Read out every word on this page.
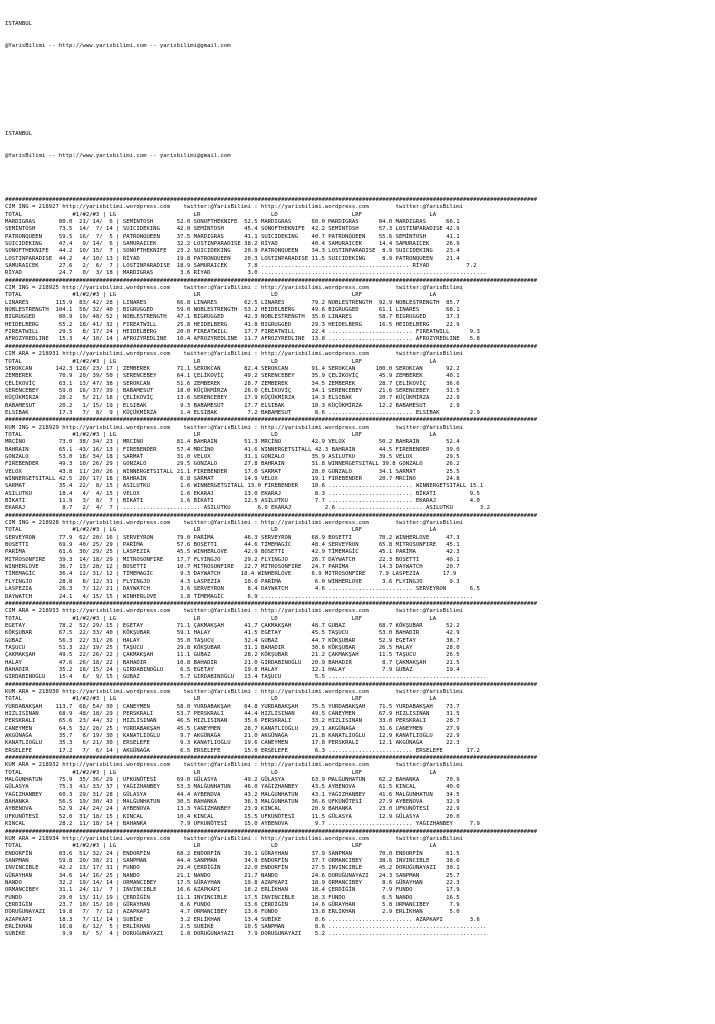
ISTANBUL

@YarisBilimi -- http://www.yarisbilimi.com -- yarisbilimi@gmail.com

ISTANBUL

@YarisBilimi -- http://www.yarisbilimi.com -- yarisbilimi@gmail.com

##############################################################################################################################################################
CIM ING = 218927 http://yarisbilimi.wordpress.com    twitter:@YarisBilimi : http://yarisbilimi.wordpress.com        twitter:@YarisBilimi
TOTAL               #1/#2/#3 | LG                       LR                     LD                      LRF                    LA
MARDIGRAS       80.0  21/ 14/  6 | SEMİNTOSH       52.0 SONOFTHEKNIFE  52.5 MARDIGRAS      60.0 MARDIGRAS      84.0 MARDIGRAS      66.1
SEMİNTOSH       73.5  14/  7/ 14 | SUICIDEKING     42.0 SEMİNTOSH      45.4 SONOFTHEKNIFE  42.2 SEMİNTOSH      57.3 LOSTINPARADISE 42.9
PATRONQUEEN     59.5  16/  7/  5 | PATRONQUEEN     37.5 MARDIGRAS      41.1 SUICIDEKING    40.7 PATRONQUEEN    55.6 SEMİNTOSH      41.1
SUICIDEKING     47.4   9/ 14/  6 | SAMURAICEK      32.2 LOSTINPARADISE 38.2 RİYAD          40.4 SAMURAICEK     14.4 SAMURAICEK     26.9
SONOFTHEKNIFE   44.2  10/ 15/  7 | SONOFTHEKNIFE   23.2 SUICIDEKING    20.9 PATRONQUEEN    34.3 LOSTINPARADISE  8.9 SUICIDEKING    23.4
LOSTINPARADISE  44.2   4/ 10/ 13 | RİYAD           19.8 PATRONQUEEN    20.3 LOSTINPARADISE 11.5 SUICIDEKING     8.9 PATRONQUEEN    21.4
SAMURAICEK      27.6   2/  6/  7 | LOSTINPARADISE  18.9 SAMURAICEK      7.8 ............................................ RİYAD           7.2
RİYAD           24.7   0/  3/ 18 | MARDIGRAS        3.6 RİYAD           3.0 ...................................................................
##############################################################################################################################################################
CIM ING = 218925 http://yarisbilimi.wordpress.com    twitter:@YarisBilimi : http://yarisbilimi.wordpress.com        twitter:@YarisBilimi
TOTAL               #1/#2/#3 | LG                       LR                     LD                      LRF                    LA
LINARES        115.9  83/ 42/ 28 | LINARES         66.8 LINARES        62.5 LINARES        79.2 NOBLESTRENGTH  92.9 NOBLESTRENGTH  85.7
NOBLESTRENGTH  104.1  58/ 32/ 40 | BIGRUGGED       59.0 NOBLESTRENGTH  53.2 HEIDELBERG     49.6 BIGRUGGED      61.1 LINARES        68.1
BIGRUGGED       80.9  19/ 48/ 52 | NOBLESTRENGTH   47.1 BIGRUGGED      42.3 NOBLESTRENGTH  35.0 LINARES        58.7 BIGRUGGED      37.3
HEIDELBERG      55.2  18/ 41/ 32 | FIREATWILL      25.8 HEIDELBERG     41.8 BIGRUGGED      29.3 HEIDELBERG     16.5 HEIDELBERG     22.9
FIREATWILL      29.5   8/ 17/ 24 | HEIDELBERG      20.0 FIREATWILL     17.7 FIREATWILL     22.4 ......................... FIREATWILL      9.3
AFROZYREDLINE   15.3   4/ 10/ 14 | AFROZYREDLINE   10.4 AFROZYREDLINE  11.7 AFROZYREDLINE  13.8 ......................... AFROZYREDLINE   5.8
##############################################################################################################################################################
CIM ARA = 218931 http://yarisbilimi.wordpress.com    twitter:@YarisBilimi : http://yarisbilimi.wordpress.com        twitter:@YarisBilimi
TOTAL               #1/#2/#3 | LG                       LR                     LD                      LRF                    LA
SEROKCAN       142.3 128/ 23/ 17 | ZEMBEREK        71.1 SEROKCAN       82.4 SEROKCAN       91.4 SEROKCAN      100.0 SEROKCAN       92.2
ZEMBEREK        70.9  20/ 39/ 50 | SERENCEBEY      64.1 ÇELİKOVİÇ      49.2 SERENCEBEY     35.9 ÇELİKOVİÇ      45.9 ZEMBEREK       40.1
ÇELİKOVİÇ       63.1  13/ 47/ 38 | SEROKCAN        51.6 ZEMBEREK       28.7 ZEMBEREK       34.5 ZEMBEREK       28.7 ÇELİKOVİÇ      36.6
SERENCEBEY      59.0  16/ 37/ 39 | BABAMESUT       18.0 KÜÇÜKMİRZA     26.0 ÇELİKOVİÇ      34.1 SERENCEBEY     21.6 SERENCEBEY     31.5
KÜÇÜKMİRZA      28.2   5/ 21/ 18 | ÇELİKOVİÇ       13.6 SERENCEBEY     17.9 KÜÇÜKMİRZA     14.3 ELSIBAK        20.7 KÜÇÜKMİRZA     22.9
BABAMESUT       20.2   1/ 15/ 19 | ELSIBAK          9.3 BABAMESUT      17.7 ELSIBAK        10.3 KÜÇÜKMİRZA     12.2 BABAMESUT       2.9
ELSIBAK         17.3   7/  8/  9 | KÜÇÜKMİRZA       1.4 ELSIBAK         7.2 BABAMESUT       8.6 ......................... ELSIBAK         2.9
##############################################################################################################################################################
KUM ING = 218929 http://yarisbilimi.wordpress.com    twitter:@YarisBilimi : http://yarisbilimi.wordpress.com        twitter:@YarisBilimi
TOTAL               #1/#2/#3 | LG                       LR                     LD                      LRF                    LA
MRCİNO          73.0  38/ 34/ 23 | MRCİNO          81.4 BAHRAIN        51.3 MRCİNO         42.9 VELOX          50.2 BAHRAIN        52.4
BAHRAIN         65.1  43/ 16/ 13 | FIREBENDER      57.4 MRCİNO         41.6 WINNERGETSITALL 42.3 BAHRAIN       44.5 FIREBENDER     39.0
GONZALO         53.0  18/ 34/ 18 | SARMAT          31.0 VELOX          31.1 GONZALO        35.9 ASILUTKU       39.5 VELOX          29.5
FIREBENDER      49.3  10/ 26/ 29 | GONZALO         29.5 GONZALO        27.8 BAHRAIN        31.8 WINNERGETSITALL 39.8 GONZALO       26.2
VELOX           43.8  11/ 20/ 26 | WINNERGETSITALL 21.1 FIREBENDER     17.0 SARMAT         28.0 GONZALO        34.1 SARMAT         25.5
WINNERGETSITALL 42.5  20/ 17/ 18 | BAHRAIN          6.8 SARMAT         14.9 VELOX          19.1 FIREBENDER     20.7 MRCİNO         24.8
SARMAT          35.4  22/  8/ 15 | ASILUTKU         1.6 WINNERGETSITALL 13.0 FIREBENDER    10.6 ......................... WINNERGETSITALL 15.1
ASILUTKU        18.4   4/  4/ 15 | VELOX            1.6 EKARAJ         13.0 EKARAJ          8.3 ......................... BİKATI          9.5
BİKATI          11.9   3/  8/  7 | BİKATI           1.6 BİKATI         12.5 ASILUTKU        7.7 ......................... EKARAJ          4.0
EKARAJ           8.7   2/  4/  7 | ....................... ASILUTKU        6.9 EKARAJ          2.6 ......................... ASILUTKU        3.2
##############################################################################################################################################################
CIM ING = 218928 http://yarisbilimi.wordpress.com    twitter:@YarisBilimi : http://yarisbilimi.wordpress.com        twitter:@YarisBilimi
TOTAL               #1/#2/#3 | LG                       LR                     LD                      LRF                    LA
SERVEYRON       77.9  62/ 20/ 16 | SERVEYRON       79.0 PARİMA         46.3 SERVEYRON      68.9 BOSETTI        70.2 WINHERLOVE     47.3
BOSETTI         69.9  40/ 25/ 29 | PARİMA          57.6 BOSETTI        44.6 TİMEMAGİC      48.4 SERVEYRON      65.8 MITROSONFIRE   45.1
PARİMA          61.6  30/ 29/ 25 | LASPEZIA        45.5 WINHERLOVE     42.9 BOSETTI        42.9 TİMEMAGİC      45.1 PARİMA         42.3
MITROSONFIRE    39.3  14/ 18/ 29 | MITROSONFIRE    17.7 FLYINGJO       29.2 FLYINGJO       26.7 DAYWATCH       22.3 BOSETTI        40.1
WINHERLOVE      36.7  13/ 28/ 12 | BOSETTI         10.7 MITROSONFIRE   22.7 MITROSONFIRE   24.7 PARİMA         14.3 DAYWATCH       20.7
TİMEMAGİC       36.4  12/ 31/ 12 | TİMEMAGİC        9.3 DAYWATCH      18.4 WINHERLOVE      6.9 MITROSONFIRE    7.9 LASPEZIA       17.9
FLYINGJO        28.8   8/ 12/ 31 | FLYINGJO         4.3 LASPEZIA       10.0 PARİMA          6.0 WINHERLOVE      3.6 FLYINGJO        9.3
LASPEZIA        26.3   7/ 12/ 21 | DAYWATCH         3.6 SERVEYRON       8.4 DAYWATCH        4.6 ......................... SERVEYRON       6.5
DAYWATCH        24.1   4/ 15/ 15 | WINHERLOVE       1.8 TİMEMAGİC       6.9 ...............................................................
##############################################################################################################################################################
CIM ARA = 218933 http://yarisbilimi.wordpress.com    twitter:@YarisBilimi : http://yarisbilimi.wordpress.com        twitter:@YarisBilimi
TOTAL               #1/#2/#3 | LG                       LR                     LD                      LRF                    LA
EGETAY          78.2  52/ 29/ 15 | EGETAY          71.1 ÇAKMAKŞAH      41.7 ÇAKMAKŞAH      48.7 GUBAZ          68.7 KÖKŞUBAR       52.2
KÖKŞUBAR        67.5  22/ 33/ 40 | KÖKŞUBAR        59.1 HALAY          41.5 EGETAY         45.5 TAŞUCU         53.0 BAHADIR        42.9
GUBAZ           56.3  22/ 31/ 26 | HALAY           35.0 TAŞUCU         32.4 GUBAZ          44.7 KÖKŞUBAR       52.9 EGETAY         38.7
TAŞUCU          51.3  22/ 19/ 25 | TAŞUCU          29.8 KÖKŞUBAR       31.1 BAHADIR        30.6 KÖKŞUBAR       26.5 HALAY          28.0
ÇAKMAKŞAH       49.5  22/ 26/ 22 | ÇAKMAKŞAH       11.1 GUBAZ          28.2 KÖKŞUBAR       21.2 ÇAKMAKŞAH      11.5 TAŞUCU         26.5
HALAY           47.6  26/ 18/ 22 | BAHADIR         10.8 BAHADIR        21.0 GIRDABINOĞLU   20.9 BAHADIR         8.7 ÇAKMAKŞAH      21.5
BAHADIR         35.2  18/ 15/ 24 | GIRDABINOĞLU     6.5 EGETAY         19.8 HALAY          12.1 HALAY           7.9 GUBAZ          19.4
GIRDABINOĞLU    15.4   6/  9/ 15 | GUBAZ            5.7 GIRDABINOĞLU   13.4 TAŞUCU          5.5 ...............................................
##############################################################################################################################################################
KUM ARA = 218930 http://yarisbilimi.wordpress.com    twitter:@YarisBilimi : http://yarisbilimi.wordpress.com        twitter:@YarisBilimi
TOTAL               #1/#2/#3 | LG                       LR                     LD                      LRF                    LA
YURDABAKŞAH    113.7  68/ 54/ 30 | CANEYMEN        58.0 YURDABAKŞAH    64.8 YURDABAKŞAH    75.5 YURDABAKŞAH    71.5 YURDABAKŞAH    73.7
HIZLISINAN      68.9  48/ 18/ 29 | PERSKRALI       53.7 PERSKRALI      44.4 HIZLISINAN     49.5 CANEYMEN       67.9 HIZLISINAN     31.5
PERSKRALI       65.6  23/ 44/ 32 | HIZLISINAN      46.5 HIZLISINAN     35.6 PERSKRALI      33.2 HIZLISINAN     33.0 PERSKRALI      28.7
CANEYMEN        64.5  32/ 28/ 25 | YURDABAKŞAH     45.5 CANEYMEN       28.7 KANATLIOĞLU    29.1 AKGÜNAĞA       31.6 CANEYMEN       27.9
AKGÜNAĞA        35.7   6/ 19/ 30 | KANATLIOĞLU      9.7 AKGÜNAĞA       21.0 AKGÜNAĞA       21.8 KANATLIOĞLU    12.9 KANATLIOĞLU    22.9
KANATLIOĞLU     35.3   6/ 21/ 30 | ERSELEFE         9.3 KANATLIOĞLU    19.6 CANEYMEN       17.8 PERSKRALI      12.1 AKGÜNAĞA       22.3
ERSELEFE        17.2   7/  6/ 14 | AKGÜNAĞA         6.5 ERSELEFE       15.0 ERSELEFE        6.3 ......................... ERSELEFE       17.2
##############################################################################################################################################################
KUM ARA = 218932 http://yarisbilimi.wordpress.com    twitter:@YarisBilimi : http://yarisbilimi.wordpress.com        twitter:@YarisBilimi
TOTAL               #1/#2/#3 | LG                       LR                     LD                      LRF                    LA
MALĞUNHATUN     75.9  35/ 36/ 29 | UFKUNÖTESİ      69.0 GÜLASYA        49.2 GÜLASYA        63.9 MALĞUNHATUN    62.2 BAHANKA        70.9
GÜLASYA         75.3  41/ 33/ 37 | YAĞIZHANBEY     53.3 MALĞUNHATUN    46.0 YAĞIZHANBEY    43.5 AYBENOVA       61.5 KINCAL         40.0
YAĞIZHANBEY     60.3  29/ 31/ 28 | GÜLASYA         44.4 AYBENOVA       43.2 MALĞUNHATUN    43.1 YAĞIZHANBEY    41.6 MALĞUNHATUN    34.5
BAHANKA         56.5  19/ 30/ 43 | MALĞUNHATUN     30.5 BAHANKA        36.3 MALĞUNHATUN    36.6 UFKUNÖTESİ     27.9 AYBENOVA       32.9
AYBENOVA        52.9  24/ 24/ 24 | AYBENOVA        13.3 YAĞIZHANBEY    23.9 KINCAL         20.9 BAHANKA        23.0 UFKUNÖTESİ     22.9
UFKUNÖTESİ      52.0  31/ 18/ 15 | KINCAL          10.4 KINCAL         15.5 UFKUNÖTESİ     11.5 GÜLASYA        12.9 GÜLASYA        20.0
KINCAL          28.2  11/ 18/ 14 | BAHANKA          7.9 UFKUNÖTESİ     15.0 AYBENOVA        9.7 ......................... YAĞIZHANBEY     7.9
##############################################################################################################################################################
KUM ARA = 218934 http://yarisbilimi.wordpress.com    twitter:@YarisBilimi : http://yarisbilimi.wordpress.com        twitter:@YarisBilimi
TOTAL               #1/#2/#3 | LG                       LR                     LD                      LRF                    LA
ENDORFİN        83.6  51/ 32/ 24 | ENDORFİN        68.2 ENDORFİN       39.1 GÜRAYHAN       37.9 SANPMAN        70.0 ENDORFİN       61.5
SANPMAN         59.8  20/ 38/ 21 | SANPMAN         44.4 SANPMAN        34.9 ENDORFİN       37.7 ORMANCIBEY     38.6 INVINCIBLE     38.6
INVINCIBLE      42.2  13/ 17/ 31 | FUNDO           29.4 ÇERDİĞİN       22.0 ENDORFİN       27.5 INVINCIBLE     45.2 DORUĞUNAYAZI   30.1
GÜRAYHAN        34.6  14/ 16/ 25 | NANDO           21.1 NANDO          21.7 NANDO          24.6 DORUĞUNAYAZI   24.3 SANPMAN        25.7
NANDO           32.2  19/ 14/ 14 | ORMANCIBEY      17.5 GÜRAYHAN       19.8 AZAPKAPI       18.9 ORMANCIBEY      8.6 GÜRAYHAN       22.3
ORMANCIBEY      31.1  24/ 11/  7 | INVINCIBLE      16.6 AZAPKAPI       18.2 ERLİKHAN       18.4 ÇERDİĞİN        7.9 FUNDO          17.9
FUNDO           29.0  13/ 11/ 19 | ÇERDİĞİN        11.1 INVINCIBLE     17.5 INVINCIBLE     18.3 FUNDO           6.5 NANDO          16.5
ÇERDİĞİN        23.7  10/ 15/ 10 | GÜRAYHAN         8.6 FUNDO          13.6 ÇERDİĞİN       14.6 GÜRAYHAN        5.8 ORMANCIBEY      7.9
DORUĞUNAYAZI    19.8   7/  7/ 12 | AZAPKAPI         4.7 ORMANCIBEY     13.6 FUNDO          13.8 ERLİKHAN        2.9 ERLİKHAN        5.0
AZAPKAPI        18.3   7/ 11/ 14 | SUBİKE           3.2 ERLİKHAN       13.4 SUBİKE          8.6 ......................... AZAPKAPI        3.6
ERLİKHAN        16.8   6/ 12/  5 | ERLİKHAN         2.5 SUBİKE         10.5 SANPMAN         8.6 ...............................................
SUBİKE           9.9   6/  5/  4 | DORUĞUNAYAZI     1.8 DORUĞUNAYAZI    7.9 DORUĞUNAYAZI    5.2 ...............................................
